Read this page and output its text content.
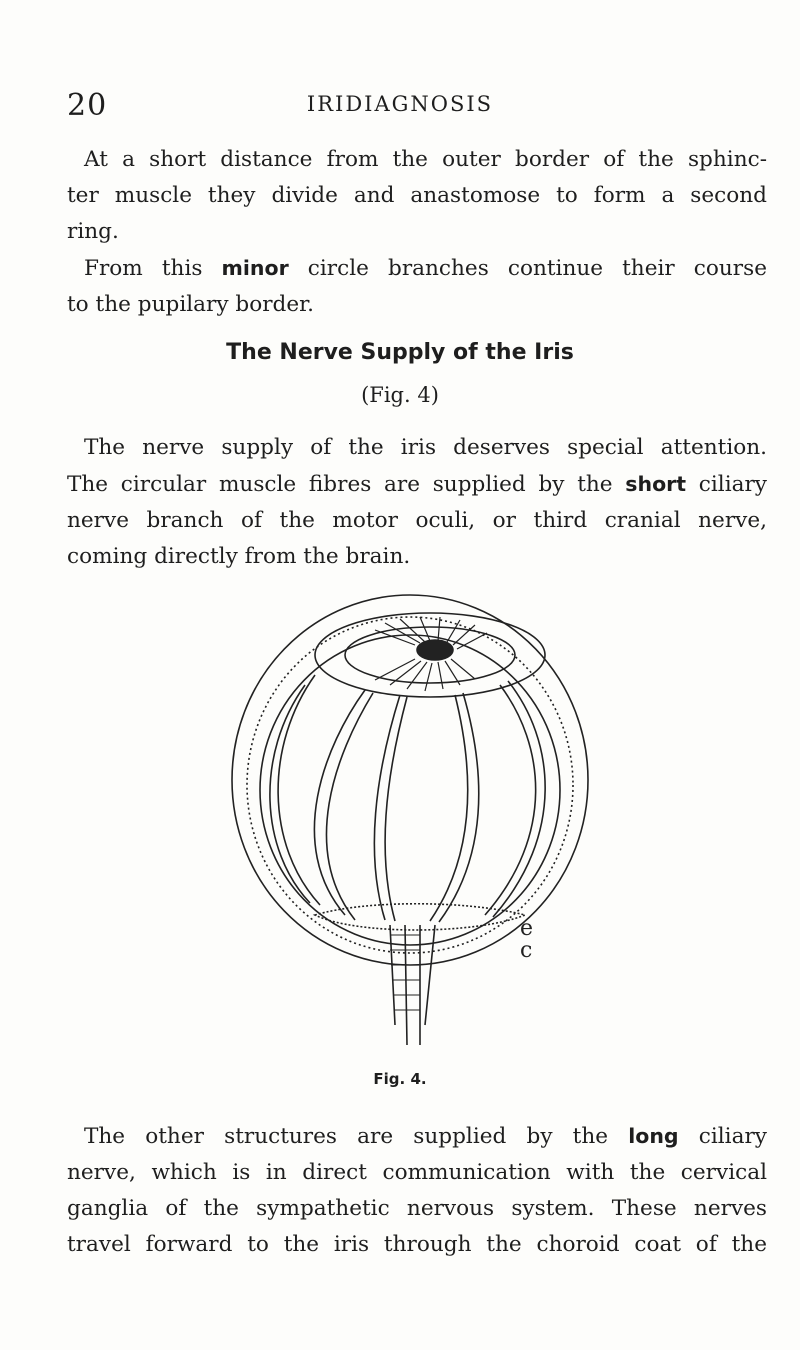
20	IRIDIAGNOSIS

At a short distance from the outer border of the sphinc-
ter muscle they divide and anastomose to form a second
ring.
From this minor circle branches continue their course
to the pupilary border.

The Nerve Supply of the Iris
(Fig. 4)

The nerve supply of the iris deserves special attention.
The circular muscle fibres are supplied by the short ciliary
nerve branch of the motor oculi, or third cranial nerve,
coming directly from the brain.

e
c
Fig. 4.

The other structures are supplied by the long ciliary
nerve, which is in direct communication with the cervical
ganglia of the sympathetic nervous system. These nerves
travel forward to the iris through the choroid coat of the
